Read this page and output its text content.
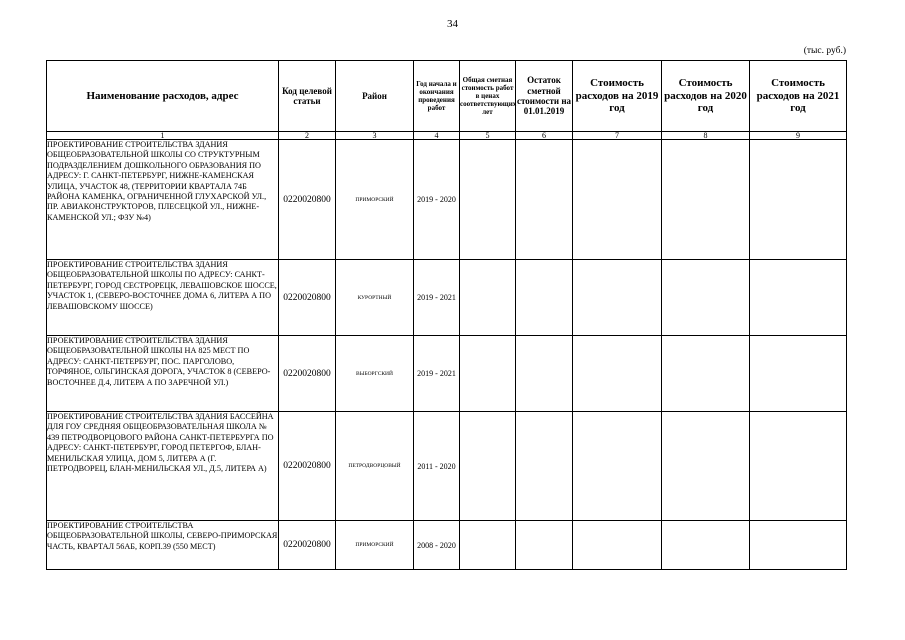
34
(тыс. руб.)
Наименование расходов, адрес	Код целевой статьи	Район	Год начала и окончания проведения работ	Общая сметная стоимость работ в ценах соответствующих лет	Остаток сметной стоимости на 01.01.2019	Стоимость расходов на 2019 год	Стоимость расходов на 2020 год	Стоимость расходов на 2021 год
1	2	3	4	5	6	7	8	9
ПРОЕКТИРОВАНИЕ СТРОИТЕЛЬСТВА ЗДАНИЯ ОБЩЕОБРАЗОВАТЕЛЬНОЙ ШКОЛЫ СО СТРУКТУРНЫМ ПОДРАЗДЕЛЕНИЕМ ДОШКОЛЬНОГО ОБРАЗОВАНИЯ ПО АДРЕСУ: Г. САНКТ-ПЕТЕРБУРГ, НИЖНЕ-КАМЕНСКАЯ УЛИЦА, УЧАСТОК 48, (ТЕРРИТОРИИ КВАРТАЛА 74Б РАЙОНА КАМЕНКА, ОГРАНИЧЕННОЙ ГЛУХАРСКОЙ УЛ., ПР. АВИАКОНСТРУКТОРОВ, ПЛЕСЕЦКОЙ УЛ., НИЖНЕ-КАМЕНСКОЙ УЛ.; ФЗУ №4)	0220020800	ПРИМОРСКИЙ	2019 - 2020					
ПРОЕКТИРОВАНИЕ СТРОИТЕЛЬСТВА ЗДАНИЯ ОБЩЕОБРАЗОВАТЕЛЬНОЙ ШКОЛЫ ПО АДРЕСУ: САНКТ-ПЕТЕРБУРГ, ГОРОД СЕСТРОРЕЦК, ЛЕВАШОВСКОЕ ШОССЕ, УЧАСТОК 1, (СЕВЕРО-ВОСТОЧНЕЕ ДОМА 6, ЛИТЕРА А ПО ЛЕВАШОВСКОМУ ШОССЕ)	0220020800	КУРОРТНЫЙ	2019 - 2021					
ПРОЕКТИРОВАНИЕ СТРОИТЕЛЬСТВА ЗДАНИЯ ОБЩЕОБРАЗОВАТЕЛЬНОЙ ШКОЛЫ НА 825 МЕСТ ПО АДРЕСУ: САНКТ-ПЕТЕРБУРГ, ПОС. ПАРГОЛОВО, ТОРФЯНОЕ, ОЛЬГИНСКАЯ ДОРОГА, УЧАСТОК 8 (СЕВЕРО-ВОСТОЧНЕЕ Д.4, ЛИТЕРА А ПО ЗАРЕЧНОЙ УЛ.)	0220020800	ВЫБОРГСКИЙ	2019 - 2021					
ПРОЕКТИРОВАНИЕ СТРОИТЕЛЬСТВА ЗДАНИЯ БАССЕЙНА ДЛЯ ГОУ СРЕДНЯЯ ОБЩЕОБРАЗОВАТЕЛЬНАЯ ШКОЛА № 439 ПЕТРОДВОРЦОВОГО РАЙОНА САНКТ-ПЕТЕРБУРГА ПО АДРЕСУ: САНКТ-ПЕТЕРБУРГ, ГОРОД ПЕТЕРГОФ, БЛАН-МЕНИЛЬСКАЯ УЛИЦА, ДОМ 5, ЛИТЕРА А (Г. ПЕТРОДВОРЕЦ, БЛАН-МЕНИЛЬСКАЯ УЛ., Д.5, ЛИТЕРА А)	0220020800	ПЕТРОДВОРЦОВЫЙ	2011 - 2020					
ПРОЕКТИРОВАНИЕ СТРОИТЕЛЬСТВА ОБЩЕОБРАЗОВАТЕЛЬНОЙ ШКОЛЫ, СЕВЕРО-ПРИМОРСКАЯ ЧАСТЬ, КВАРТАЛ 56АБ, КОРП.39 (550 МЕСТ)	0220020800	ПРИМОРСКИЙ	2008 - 2020					
